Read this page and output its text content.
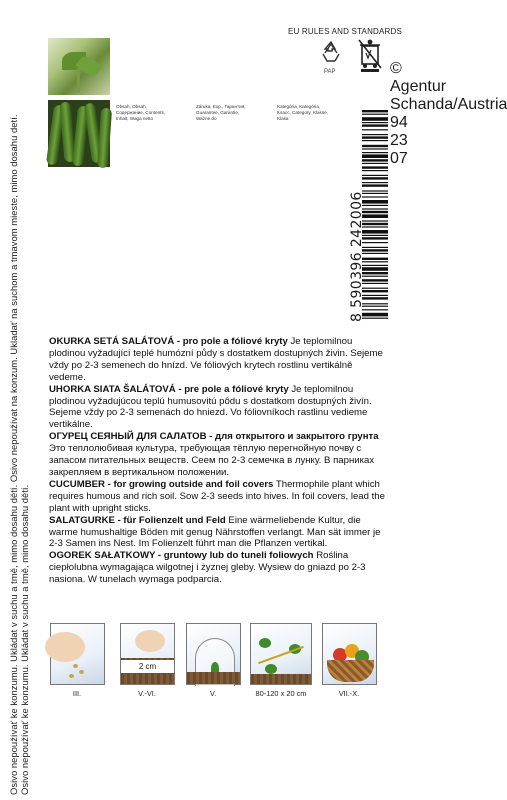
Osivo nepoužívať ke konzumu. Ukládat v suchu a tmě, mimo dosahu dětí. Osivo nepoužívat na konzum. Ukladať na suchom a tmavom mieste, mimo dosahu detí. Osivo nepoužívať ke konzumu. Ukládat v suchu a tmě, mimo dosahu dětí.
© Agentur Schanda/Austria 94 23 07
EU RULES AND STANDARDS
PAP
Obsah, Obsah, Содержание, Contents, Inhalt, Waga netto
Záruka, Exp., Гарантия, Guarantee, Garantie, Ważne do
Kategória, Kategória, Класс, Category, Klasse, Klasa
8 590396 242006

OKURKA SETÁ SALÁTOVÁ - pro pole a fóliové kryty Je teplomilnou plodinou vyžadující teplé humózní půdy s dostatkem dostupných živin. Sejeme vždy po 2-3 semenech do hnízd. Ve fóliových krytech rostlinu vertikálně vedeme.

UHORKA SIATA ŠALÁTOVÁ - pre pole a fóliové kryty Je teplomilnou plodinou vyžadujúcou teplú humusovitú pôdu s dostatkom dostupných živín. Sejeme vždy po 2-3 semenách do hniezd. Vo fóliovníkoch rastlinu vedieme vertikálne.

ОГУРЕЦ СЕЯНЫЙ ДЛЯ САЛАТОВ - для открытого и закрытого грунта Это теплолюбивая культура, требующая тёплую перегнойную почву с запасом питательных веществ. Сеем по 2-3 семечка в лунку. В парниках закрепляем в вертикальном положении.

CUCUMBER - for growing outside and foil covers Thermophile plant which requires humous and rich soil. Sow 2-3 seeds into hives. In foil covers, lead the plant with upright sticks.

SALATGURKE - für Folienzelt und Feld Eine wärmeliebende Kultur, die warme humushaltige Böden mit genug Nährstoffen verlangt. Man sät immer je 2-3 Samen ins Nest. Im Folienzelt führt man die Pflanzen vertikal.

OGOREK SAŁATKOWY - gruntowy lub do tuneli foliowych Roślina ciepłolubna wymagająca wilgotnej i żyznej gleby. Wysiew do gniazd po 2-3 nasiona. W tunelach wymaga podparcia.

III.
2 cm
V.-VI.	V.	80-120 x 20 cm	VII.-X.
